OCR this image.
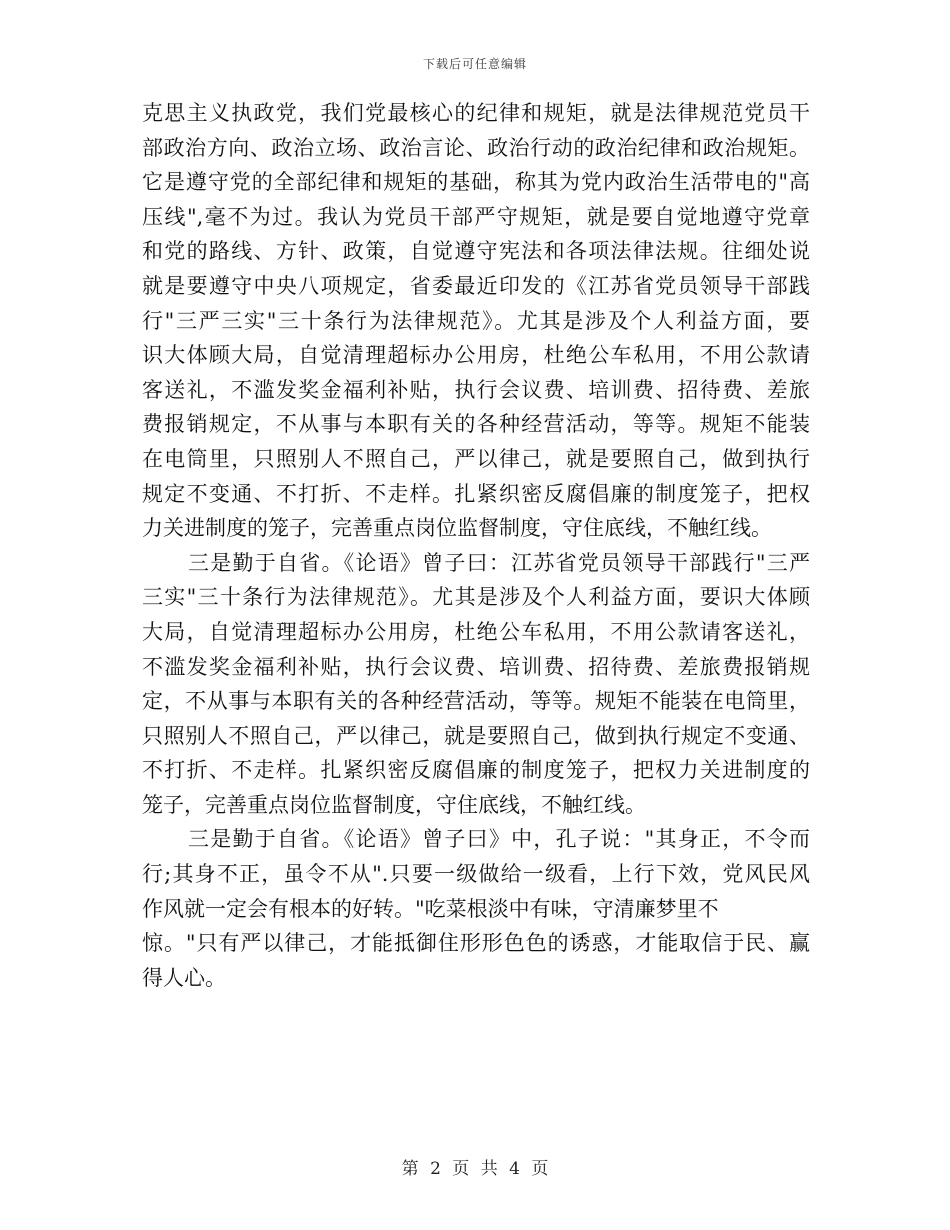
下载后可任意编辑
克思主义执政党，我们党最核心的纪律和规矩，就是法律规范党员干
部政治方向、政治立场、政治言论、政治行动的政治纪律和政治规矩。
它是遵守党的全部纪律和规矩的基础，称其为党内政治生活带电的"高
压线",毫不为过。我认为党员干部严守规矩，就是要自觉地遵守党章
和党的路线、方针、政策，自觉遵守宪法和各项法律法规。往细处说
就是要遵守中央八项规定，省委最近印发的《江苏省党员领导干部践
行"三严三实"三十条行为法律规范》。尤其是涉及个人利益方面，要
识大体顾大局，自觉清理超标办公用房，杜绝公车私用，不用公款请
客送礼，不滥发奖金福利补贴，执行会议费、培训费、招待费、差旅
费报销规定，不从事与本职有关的各种经营活动，等等。规矩不能装
在电筒里，只照别人不照自己，严以律己，就是要照自己，做到执行
规定不变通、不打折、不走样。扎紧织密反腐倡廉的制度笼子，把权
力关进制度的笼子，完善重点岗位监督制度，守住底线，不触红线。
三是勤于自省。《论语》曾子曰：江苏省党员领导干部践行"三严
三实"三十条行为法律规范》。尤其是涉及个人利益方面，要识大体顾
大局，自觉清理超标办公用房，杜绝公车私用，不用公款请客送礼，
不滥发奖金福利补贴，执行会议费、培训费、招待费、差旅费报销规
定，不从事与本职有关的各种经营活动，等等。规矩不能装在电筒里，
只照别人不照自己，严以律己，就是要照自己，做到执行规定不变通、
不打折、不走样。扎紧织密反腐倡廉的制度笼子，把权力关进制度的
笼子，完善重点岗位监督制度，守住底线，不触红线。
三是勤于自省。《论语》曾子曰》中，孔子说："其身正，不令而
行;其身不正，虽令不从".只要一级做给一级看，上行下效，党风民风
作风就一定会有根本的好转。"吃菜根淡中有味，守清廉梦里不
惊。"只有严以律己，才能抵御住形形色色的诱惑，才能取信于民、赢
得人心。
第 2 页 共 4 页
